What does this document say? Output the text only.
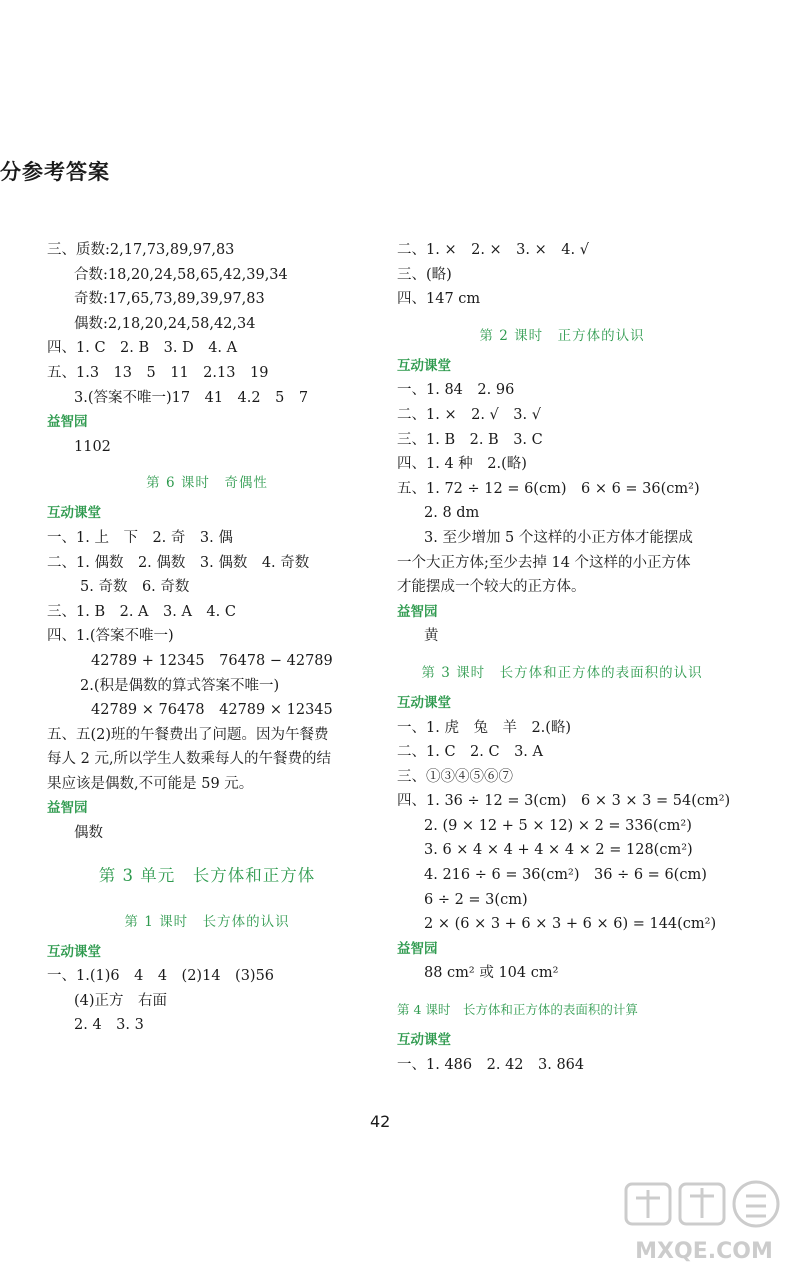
分参考答案
三、质数:2,17,73,89,97,83
合数:18,20,24,58,65,42,39,34
奇数:17,65,73,89,39,97,83
偶数:2,18,20,24,58,42,34
四、1. C　2. B　3. D　4. A
五、1.3　13　5　11　2.13　19
3.(答案不唯一)17　41　4.2　5　7
益智园
1102
第 6 课时　奇偶性
互动课堂
一、1. 上　下　2. 奇　3. 偶
二、1. 偶数　2. 偶数　3. 偶数　4. 奇数
5. 奇数　6. 奇数
三、1. B　2. A　3. A　4. C
四、1.(答案不唯一)
42789 + 12345　76478 − 42789
2.(积是偶数的算式答案不唯一)
42789 × 76478　42789 × 12345
五、五(2)班的午餐费出了问题。因为午餐费
每人 2 元,所以学生人数乘每人的午餐费的结
果应该是偶数,不可能是 59 元。
益智园
偶数
第 3 单元　长方体和正方体
第 1 课时　长方体的认识
互动课堂
一、1.(1)6　4　4　(2)14　(3)56
(4)正方　右面
2. 4　3. 3
二、1. ×　2. ×　3. ×　4. √
三、(略)
四、147 cm
第 2 课时　正方体的认识
互动课堂
一、1. 84　2. 96
二、1. ×　2. √　3. √
三、1. B　2. B　3. C
四、1. 4 种　2.(略)
五、1. 72 ÷ 12 = 6(cm)　6 × 6 = 36(cm²)
2. 8 dm
3. 至少增加 5 个这样的小正方体才能摆成
一个大正方体;至少去掉 14 个这样的小正方体
才能摆成一个较大的正方体。
益智园
黄
第 3 课时　长方体和正方体的表面积的认识
互动课堂
一、1. 虎　兔　羊　2.(略)
二、1. C　2. C　3. A
三、①③④⑤⑥⑦
四、1. 36 ÷ 12 = 3(cm)　6 × 3 × 3 = 54(cm²)
2. (9 × 12 + 5 × 12) × 2 = 336(cm²)
3. 6 × 4 × 4 + 4 × 4 × 2 = 128(cm²)
4. 216 ÷ 6 = 36(cm²)　36 ÷ 6 = 6(cm)
6 ÷ 2 = 3(cm)
2 × (6 × 3 + 6 × 3 + 6 × 6) = 144(cm²)
益智园
88 cm² 或 104 cm²
第 4 课时　长方体和正方体的表面积的计算
互动课堂
一、1. 486　2. 42　3. 864
42
MXQE.COM
